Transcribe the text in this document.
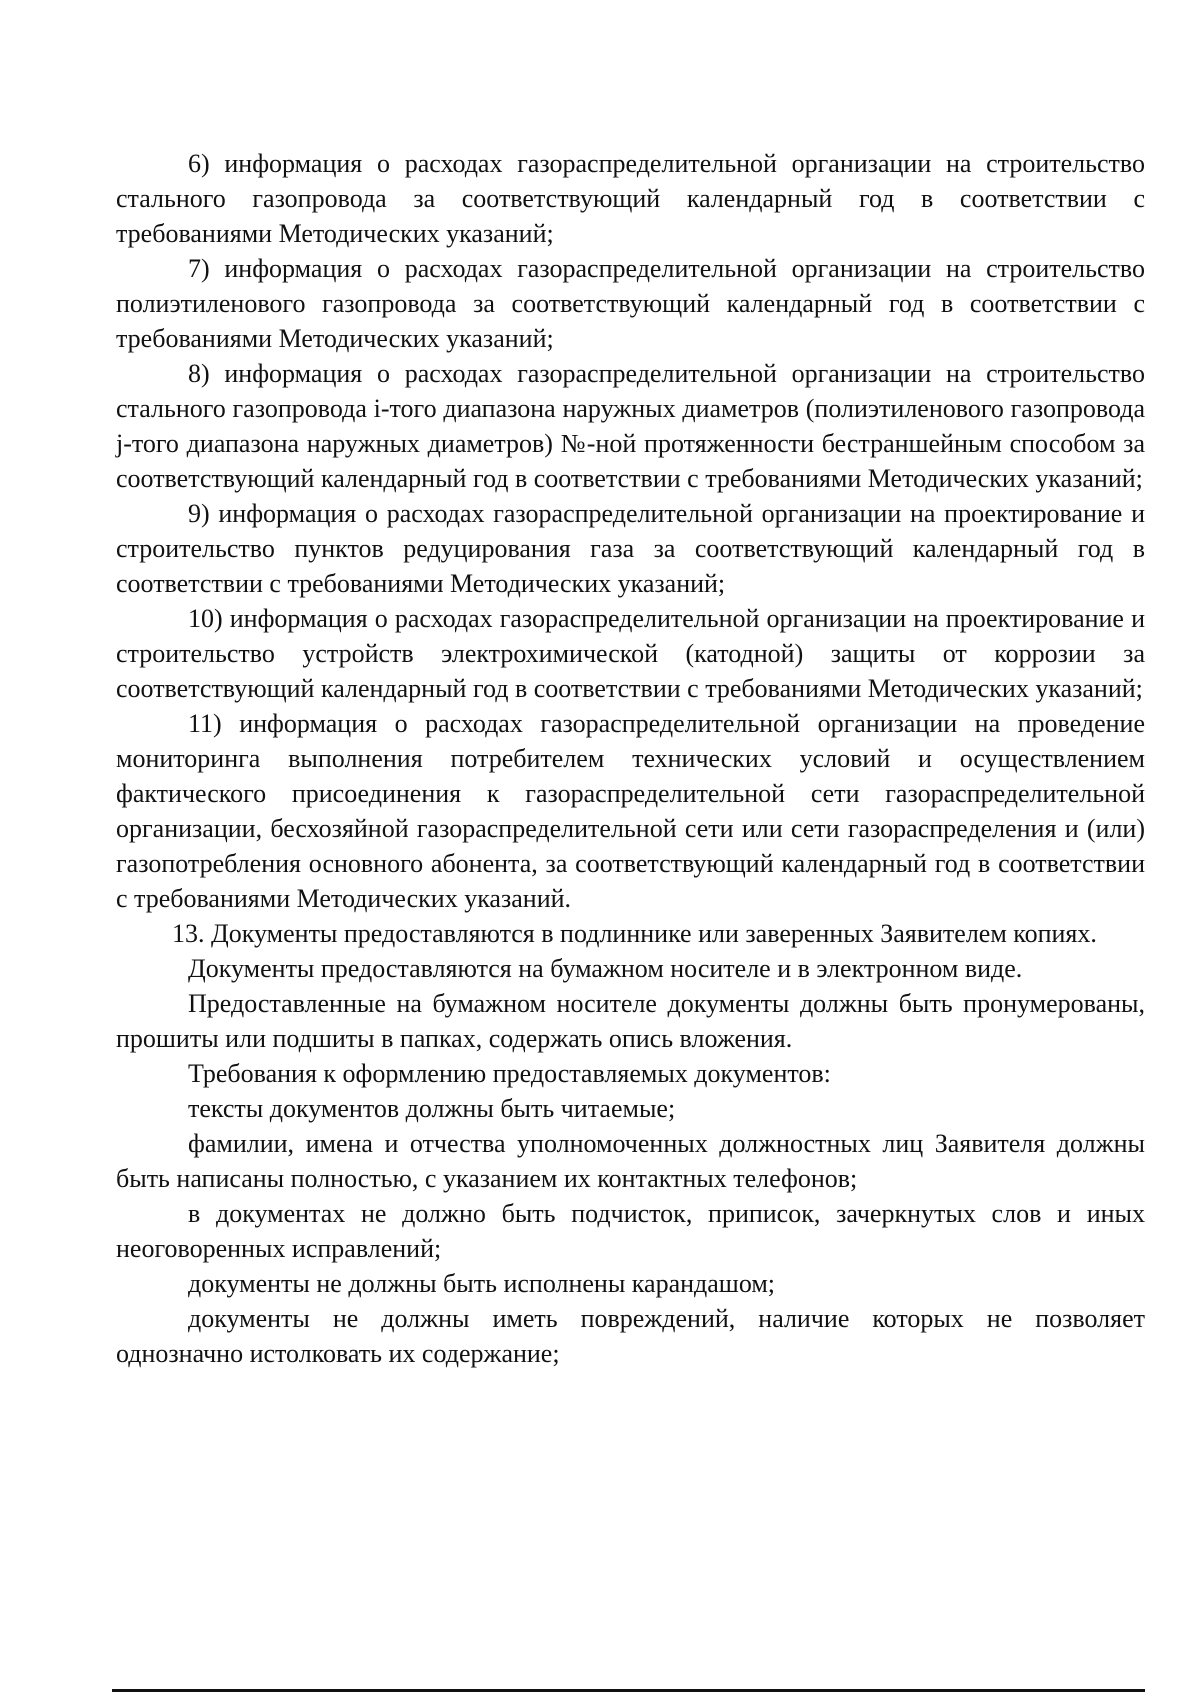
6) информация о расходах газораспределительной организации на строительство стального газопровода за соответствующий календарный год в соответствии с требованиями Методических указаний;

7) информация о расходах газораспределительной организации на строительство полиэтиленового газопровода за соответствующий календарный год в соответствии с требованиями Методических указаний;

8) информация о расходах газораспределительной организации на строительство стального газопровода i-того диапазона наружных диаметров (полиэтиленового газопровода j-того диапазона наружных диаметров) №-ной протяженности бестраншейным способом за соответствующий календарный год в соответствии с требованиями Методических указаний;

9) информация о расходах газораспределительной организации на проектирование и строительство пунктов редуцирования газа за соответствующий календарный год в соответствии с требованиями Методических указаний;

10) информация о расходах газораспределительной организации на проектирование и строительство устройств электрохимической (катодной) защиты от коррозии за соответствующий календарный год в соответствии с требованиями Методических указаний;

11) информация о расходах газораспределительной организации на проведение мониторинга выполнения потребителем технических условий и осуществлением фактического присоединения к газораспределительной сети газораспределительной организации, бесхозяйной газораспределительной сети или сети газораспределения и (или) газопотребления основного абонента, за соответствующий календарный год в соответствии с требованиями Методических указаний.

13. Документы предоставляются в подлиннике или заверенных Заявителем копиях.

Документы предоставляются на бумажном носителе и в электронном виде.

Предоставленные на бумажном носителе документы должны быть пронумерованы, прошиты или подшиты в папках, содержать опись вложения.

Требования к оформлению предоставляемых документов:

тексты документов должны быть читаемые;

фамилии, имена и отчества уполномоченных должностных лиц Заявителя должны быть написаны полностью, с указанием их контактных телефонов;

в документах не должно быть подчисток, приписок, зачеркнутых слов и иных неоговоренных исправлений;

документы не должны быть исполнены карандашом;

документы не должны иметь повреждений, наличие которых не позволяет однозначно истолковать их содержание;
